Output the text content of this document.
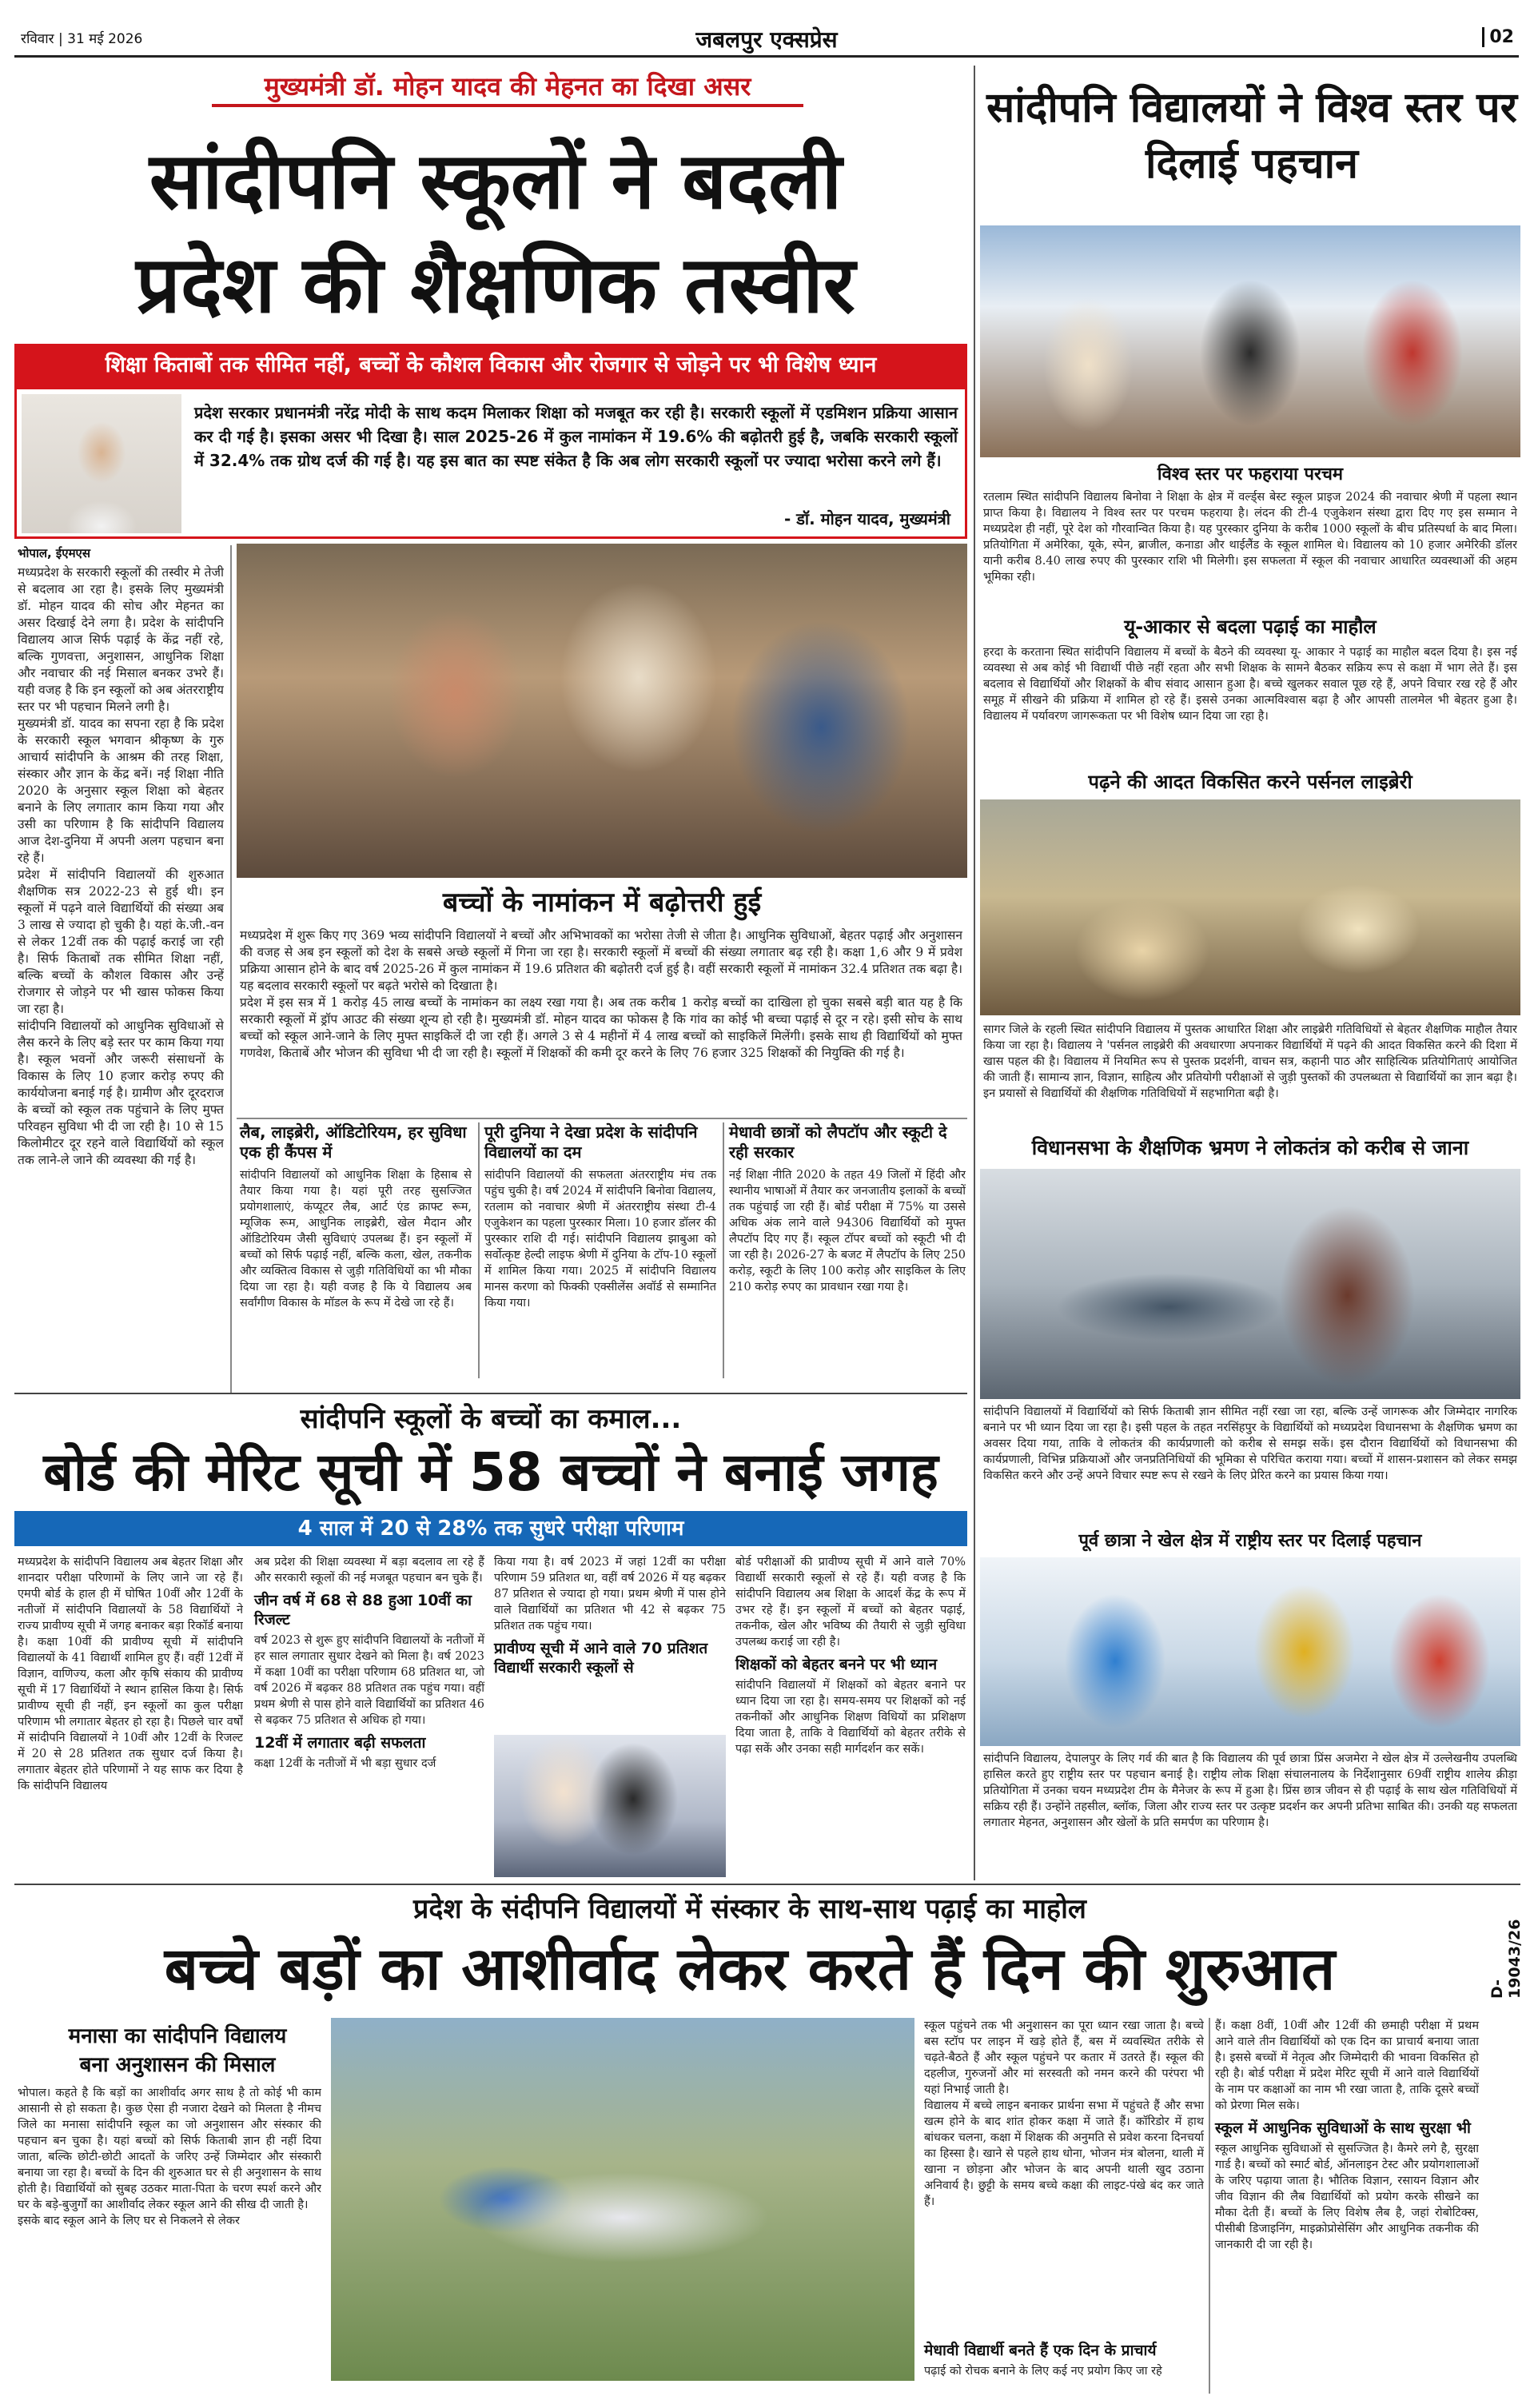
रविवार | 31 मई 2026	जबलपुर एक्सप्रेस	02
मुख्यमंत्री डॉ. मोहन यादव की मेहनत का दिखा असर
सांदीपनि स्कूलों ने बदली
प्रदेश की शैक्षणिक तस्वीर
शिक्षा किताबों तक सीमित नहीं, बच्चों के कौशल विकास और रोजगार से जोड़ने पर भी विशेष ध्यान
प्रदेश सरकार प्रधानमंत्री नरेंद्र मोदी के साथ कदम मिलाकर शिक्षा को मजबूत कर रही है। सरकारी स्कूलों में एडमिशन प्रक्रिया आसान कर दी गई है। इसका असर भी दिखा है। साल 2025-26 में कुल नामांकन में 19.6% की बढ़ोतरी हुई है, जबकि सरकारी स्कूलों में 32.4% तक ग्रोथ दर्ज की गई है। यह इस बात का स्पष्ट संकेत है कि अब लोग सरकारी स्कूलों पर ज्यादा भरोसा करने लगे हैं।
- डॉ. मोहन यादव, मुख्यमंत्री
भोपाल, ईएमएस
मध्यप्रदेश के सरकारी स्कूलों की तस्वीर मे तेजी से बदलाव आ रहा है। इसके लिए मुख्यमंत्री डॉ. मोहन यादव की सोच और मेहनत का असर दिखाई देने लगा है। प्रदेश के सांदीपनि विद्यालय आज सिर्फ पढ़ाई के केंद्र नहीं रहे, बल्कि गुणवत्ता, अनुशासन, आधुनिक शिक्षा और नवाचार की नई मिसाल बनकर उभरे हैं। यही वजह है कि इन स्कूलों को अब अंतरराष्ट्रीय स्तर पर भी पहचान मिलने लगी है।
मुख्यमंत्री डॉ. यादव का सपना रहा है कि प्रदेश के सरकारी स्कूल भगवान श्रीकृष्ण के गुरु आचार्य सांदीपनि के आश्रम की तरह शिक्षा, संस्कार और ज्ञान के केंद्र बनें। नई शिक्षा नीति 2020 के अनुसार स्कूल शिक्षा को बेहतर बनाने के लिए लगातार काम किया गया और उसी का परिणाम है कि सांदीपनि विद्यालय आज देश-दुनिया में अपनी अलग पहचान बना रहे हैं।
प्रदेश में सांदीपनि विद्यालयों की शुरुआत शैक्षणिक सत्र 2022-23 से हुई थी। इन स्कूलों में पढ़ने वाले विद्यार्थियों की संख्या अब 3 लाख से ज्यादा हो चुकी है। यहां के.जी.-वन से लेकर 12वीं तक की पढ़ाई कराई जा रही है। सिर्फ किताबों तक सीमित शिक्षा नहीं, बल्कि बच्चों के कौशल विकास और उन्हें रोजगार से जोड़ने पर भी खास फोकस किया जा रहा है।
सांदीपनि विद्यालयों को आधुनिक सुविधाओं से लैस करने के लिए बड़े स्तर पर काम किया गया है। स्कूल भवनों और जरूरी संसाधनों के विकास के लिए 10 हजार करोड़ रुपए की कार्ययोजना बनाई गई है। ग्रामीण और दूरदराज के बच्चों को स्कूल तक पहुंचाने के लिए मुफ्त परिवहन सुविधा भी दी जा रही है। 10 से 15 किलोमीटर दूर रहने वाले विद्यार्थियों को स्कूल तक लाने-ले जाने की व्यवस्था की गई है।
बच्चों के नामांकन में बढ़ोत्तरी हुई
मध्यप्रदेश में शुरू किए गए 369 भव्य सांदीपनि विद्यालयों ने बच्चों और अभिभावकों का भरोसा तेजी से जीता है। आधुनिक सुविधाओं, बेहतर पढ़ाई और अनुशासन की वजह से अब इन स्कूलों को देश के सबसे अच्छे स्कूलों में गिना जा रहा है। सरकारी स्कूलों में बच्चों की संख्या लगातार बढ़ रही है। कक्षा 1,6 और 9 में प्रवेश प्रक्रिया आसान होने के बाद वर्ष 2025-26 में कुल नामांकन में 19.6 प्रतिशत की बढ़ोतरी दर्ज हुई है। वहीं सरकारी स्कूलों में नामांकन 32.4 प्रतिशत तक बढ़ा है। यह बदलाव सरकारी स्कूलों पर बढ़ते भरोसे को दिखाता है।
प्रदेश में इस सत्र में 1 करोड़ 45 लाख बच्चों के नामांकन का लक्ष्य रखा गया है। अब तक करीब 1 करोड़ बच्चों का दाखिला हो चुका सबसे बड़ी बात यह है कि सरकारी स्कूलों में ड्रॉप आउट की संख्या शून्य हो रही है। मुख्यमंत्री डॉ. मोहन यादव का फोकस है कि गांव का कोई भी बच्चा पढ़ाई से दूर न रहे। इसी सोच के साथ बच्चों को स्कूल आने-जाने के लिए मुफ्त साइकिलें दी जा रही हैं। अगले 3 से 4 महीनों में 4 लाख बच्चों को साइकिलें मिलेंगी। इसके साथ ही विद्यार्थियों को मुफ्त गणवेश, किताबें और भोजन की सुविधा भी दी जा रही है। स्कूलों में शिक्षकों की कमी दूर करने के लिए 76 हजार 325 शिक्षकों की नियुक्ति की गई है।
लैब, लाइब्रेरी, ऑडिटोरियम, हर सुविधा एक ही कैंपस में
सांदीपनि विद्यालयों को आधुनिक शिक्षा के हिसाब से तैयार किया गया है। यहां पूरी तरह सुसज्जित प्रयोगशालाएं, कंप्यूटर लैब, आर्ट एंड क्राफ्ट रूम, म्यूजिक रूम, आधुनिक लाइब्रेरी, खेल मैदान और ऑडिटोरियम जैसी सुविधाएं उपलब्ध हैं। इन स्कूलों में बच्चों को सिर्फ पढ़ाई नहीं, बल्कि कला, खेल, तकनीक और व्यक्तित्व विकास से जुड़ी गतिविधियों का भी मौका दिया जा रहा है। यही वजह है कि ये विद्यालय अब सर्वांगीण विकास के मॉडल के रूप में देखे जा रहे हैं।
पूरी दुनिया ने देखा प्रदेश के सांदीपनि विद्यालयों का दम
सांदीपनि विद्यालयों की सफलता अंतरराष्ट्रीय मंच तक पहुंच चुकी है। वर्ष 2024 में सांदीपनि बिनोवा विद्यालय, रतलाम को नवाचार श्रेणी में अंतरराष्ट्रीय संस्था टी-4 एजुकेशन का पहला पुरस्कार मिला। 10 हजार डॉलर की पुरस्कार राशि दी गई। सांदीपनि विद्यालय झाबुआ को सर्वोत्कृष्ट हेल्दी लाइफ श्रेणी में दुनिया के टॉप-10 स्कूलों में शामिल किया गया। 2025 में सांदीपनि विद्यालय मानस करणा को फिक्की एक्सीलेंस अवॉर्ड से सम्मानित किया गया।
मेधावी छात्रों को लैपटॉप और स्कूटी दे रही सरकार
नई शिक्षा नीति 2020 के तहत 49 जिलों में हिंदी और स्थानीय भाषाओं में तैयार कर जनजातीय इलाकों के बच्चों तक पहुंचाई जा रही हैं। बोर्ड परीक्षा में 75% या उससे अधिक अंक लाने वाले 94306 विद्यार्थियों को मुफ्त लैपटॉप दिए गए हैं। स्कूल टॉपर बच्चों को स्कूटी भी दी जा रही है। 2026-27 के बजट में लैपटॉप के लिए 250 करोड़, स्कूटी के लिए 100 करोड़ और साइकिल के लिए 210 करोड़ रुपए का प्रावधान रखा गया है।
सांदीपनि विद्यालयों ने विश्व स्तर पर दिलाई पहचान
विश्व स्तर पर फहराया परचम
रतलाम स्थित सांदीपनि विद्यालय बिनोवा ने शिक्षा के क्षेत्र में वर्ल्ड्स बेस्ट स्कूल प्राइज 2024 की नवाचार श्रेणी में पहला स्थान प्राप्त किया है। विद्यालय ने विश्व स्तर पर परचम फहराया है। लंदन की टी-4 एजुकेशन संस्था द्वारा दिए गए इस सम्मान ने मध्यप्रदेश ही नहीं, पूरे देश को गौरवान्वित किया है। यह पुरस्कार दुनिया के करीब 1000 स्कूलों के बीच प्रतिस्पर्धा के बाद मिला। प्रतियोगिता में अमेरिका, यूके, स्पेन, ब्राजील, कनाडा और थाईलैंड के स्कूल शामिल थे। विद्यालय को 10 हजार अमेरिकी डॉलर यानी करीब 8.40 लाख रुपए की पुरस्कार राशि भी मिलेगी। इस सफलता में स्कूल की नवाचार आधारित व्यवस्थाओं की अहम भूमिका रही।
यू-आकार से बदला पढ़ाई का माहौल
हरदा के करताना स्थित सांदीपनि विद्यालय में बच्चों के बैठने की व्यवस्था यू- आकार ने पढ़ाई का माहौल बदल दिया है। इस नई व्यवस्था से अब कोई भी विद्यार्थी पीछे नहीं रहता और सभी शिक्षक के सामने बैठकर सक्रिय रूप से कक्षा में भाग लेते हैं। इस बदलाव से विद्यार्थियों और शिक्षकों के बीच संवाद आसान हुआ है। बच्चे खुलकर सवाल पूछ रहे हैं, अपने विचार रख रहे हैं और समूह में सीखने की प्रक्रिया में शामिल हो रहे हैं। इससे उनका आत्मविश्वास बढ़ा है और आपसी तालमेल भी बेहतर हुआ है। विद्यालय में पर्यावरण जागरूकता पर भी विशेष ध्यान दिया जा रहा है।
पढ़ने की आदत विकसित करने पर्सनल लाइब्रेरी
सागर जिले के रहली स्थित सांदीपनि विद्यालय में पुस्तक आधारित शिक्षा और लाइब्रेरी गतिविधियों से बेहतर शैक्षणिक माहौल तैयार किया जा रहा है। विद्यालय ने 'पर्सनल लाइब्रेरी की अवधारणा अपनाकर विद्यार्थियों में पढ़ने की आदत विकसित करने की दिशा में खास पहल की है। विद्यालय में नियमित रूप से पुस्तक प्रदर्शनी, वाचन सत्र, कहानी पाठ और साहित्यिक प्रतियोगिताएं आयोजित की जाती हैं। सामान्य ज्ञान, विज्ञान, साहित्य और प्रतियोगी परीक्षाओं से जुड़ी पुस्तकों की उपलब्धता से विद्यार्थियों का ज्ञान बढ़ा है। इन प्रयासों से विद्यार्थियों की शैक्षणिक गतिविधियों में सहभागिता बढ़ी है।
विधानसभा के शैक्षणिक भ्रमण ने लोकतंत्र को करीब से जाना
सांदीपनि विद्यालयों में विद्यार्थियों को सिर्फ किताबी ज्ञान सीमित नहीं रखा जा रहा, बल्कि उन्हें जागरूक और जिम्मेदार नागरिक बनाने पर भी ध्यान दिया जा रहा है। इसी पहल के तहत नरसिंहपुर के विद्यार्थियों को मध्यप्रदेश विधानसभा के शैक्षणिक भ्रमण का अवसर दिया गया, ताकि वे लोकतंत्र की कार्यप्रणाली को करीब से समझ सकें। इस दौरान विद्यार्थियों को विधानसभा की कार्यप्रणाली, विभिन्न प्रक्रियाओं और जनप्रतिनिधियों की भूमिका से परिचित कराया गया। बच्चों में शासन-प्रशासन को लेकर समझ विकसित करने और उन्हें अपने विचार स्पष्ट रूप से रखने के लिए प्रेरित करने का प्रयास किया गया।
पूर्व छात्रा ने खेल क्षेत्र में राष्ट्रीय स्तर पर दिलाई पहचान
सांदीपनि विद्यालय, देपालपुर के लिए गर्व की बात है कि विद्यालय की पूर्व छात्रा प्रिंस अजमेरा ने खेल क्षेत्र में उल्लेखनीय उपलब्धि हासिल करते हुए राष्ट्रीय स्तर पर पहचान बनाई है। राष्ट्रीय लोक शिक्षा संचालनालय के निर्देशानुसार 69वीं राष्ट्रीय शालेय क्रीड़ा प्रतियोगिता में उनका चयन मध्यप्रदेश टीम के मैनेजर के रूप में हुआ है। प्रिंस छात्र जीवन से ही पढ़ाई के साथ खेल गतिविधियों में सक्रिय रही हैं। उन्होंने तहसील, ब्लॉक, जिला और राज्य स्तर पर उत्कृष्ट प्रदर्शन कर अपनी प्रतिभा साबित की। उनकी यह सफलता लगातार मेहनत, अनुशासन और खेलों के प्रति समर्पण का परिणाम है।
सांदीपनि स्कूलों के बच्चों का कमाल...
बोर्ड की मेरिट सूची में 58 बच्चों ने बनाई जगह
4 साल में 20 से 28% तक सुधरे परीक्षा परिणाम
मध्यप्रदेश के सांदीपनि विद्यालय अब बेहतर शिक्षा और शानदार परीक्षा परिणामों के लिए जाने जा रहे हैं। एमपी बोर्ड के हाल ही में घोषित 10वीं और 12वीं के नतीजों में सांदीपनि विद्यालयों के 58 विद्यार्थियों ने राज्य प्रावीण्य सूची में जगह बनाकर बड़ा रिकॉर्ड बनाया है। कक्षा 10वीं की प्रावीण्य सूची में सांदीपनि विद्यालयों के 41 विद्यार्थी शामिल हुए हैं। वहीं 12वीं में विज्ञान, वाणिज्य, कला और कृषि संकाय की प्रावीण्य सूची में 17 विद्यार्थियों ने स्थान हासिल किया है। सिर्फ प्रावीण्य सूची ही नहीं, इन स्कूलों का कुल परीक्षा परिणाम भी लगातार बेहतर हो रहा है। पिछले चार वर्षों में सांदीपनि विद्यालयों ने 10वीं और 12वीं के रिजल्ट में 20 से 28 प्रतिशत तक सुधार दर्ज किया है। लगातार बेहतर होते परिणामों ने यह साफ कर दिया है कि सांदीपनि विद्यालय
अब प्रदेश की शिक्षा व्यवस्था में बड़ा बदलाव ला रहे हैं और सरकारी स्कूलों की नई मजबूत पहचान बन चुके हैं।
जीन वर्ष में 68 से 88 हुआ 10वीं का रिजल्ट
वर्ष 2023 से शुरू हुए सांदीपनि विद्यालयों के नतीजों में हर साल लगातार सुधार देखने को मिला है। वर्ष 2023 में कक्षा 10वीं का परीक्षा परिणाम 68 प्रतिशत था, जो वर्ष 2026 में बढ़कर 88 प्रतिशत तक पहुंच गया। वहीं प्रथम श्रेणी से पास होने वाले विद्यार्थियों का प्रतिशत 46 से बढ़कर 75 प्रतिशत से अधिक हो गया।
12वीं में लगातार बढ़ी सफलता
कक्षा 12वीं के नतीजों में भी बड़ा सुधार दर्ज
किया गया है। वर्ष 2023 में जहां 12वीं का परीक्षा परिणाम 59 प्रतिशत था, वहीं वर्ष 2026 में यह बढ़कर 87 प्रतिशत से ज्यादा हो गया। प्रथम श्रेणी में पास होने वाले विद्यार्थियों का प्रतिशत भी 42 से बढ़कर 75 प्रतिशत तक पहुंच गया।
प्रावीण्य सूची में आने वाले 70 प्रतिशत विद्यार्थी सरकारी स्कूलों से
बोर्ड परीक्षाओं की प्रावीण्य सूची में आने वाले 70% विद्यार्थी सरकारी स्कूलों से रहे हैं। यही वजह है कि सांदीपनि विद्यालय अब शिक्षा के आदर्श केंद्र के रूप में उभर रहे हैं। इन स्कूलों में बच्चों को बेहतर पढ़ाई, तकनीक, खेल और भविष्य की तैयारी से जुड़ी सुविधा उपलब्ध कराई जा रही है।
शिक्षकों को बेहतर बनने पर भी ध्यान
सांदीपनि विद्यालयों में शिक्षकों को बेहतर बनाने पर ध्यान दिया जा रहा है। समय-समय पर शिक्षकों को नई तकनीकों और आधुनिक शिक्षण विधियों का प्रशिक्षण दिया जाता है, ताकि वे विद्यार्थियों को बेहतर तरीके से पढ़ा सकें और उनका सही मार्गदर्शन कर सकें।
D-19043/26
प्रदेश के संदीपनि विद्यालयों में संस्कार के साथ-साथ पढ़ाई का माहोल
बच्चे बड़ों का आशीर्वाद लेकर करते हैं दिन की शुरुआत
मनासा का सांदीपनि विद्यालय
बना अनुशासन की मिसाल
भोपाल। कहते है कि बड़ों का आशीर्वाद अगर साथ है तो कोई भी काम आसानी से हो सकता है। कुछ ऐसा ही नजारा देखने को मिलता है नीमच जिले का मनासा सांदीपनि स्कूल का जो अनुशासन और संस्कार की पहचान बन चुका है। यहां बच्चों को सिर्फ किताबी ज्ञान ही नहीं दिया जाता, बल्कि छोटी-छोटी आदतों के जरिए उन्हें जिम्मेदार और संस्कारी बनाया जा रहा है। बच्चों के दिन की शुरुआत घर से ही अनुशासन के साथ होती है। विद्यार्थियों को सुबह उठकर माता-पिता के चरण स्पर्श करने और घर के बड़े-बुजुर्गों का आशीर्वाद लेकर स्कूल आने की सीख दी जाती है।
इसके बाद स्कूल आने के लिए घर से निकलने से लेकर
स्कूल पहुंचने तक भी अनुशासन का पूरा ध्यान रखा जाता है। बच्चे बस स्टॉप पर लाइन में खड़े होते हैं, बस में व्यवस्थित तरीके से चढ़ते-बैठते हैं और स्कूल पहुंचने पर कतार में उतरते हैं। स्कूल की दहलीज, गुरुजनों और मां सरस्वती को नमन करने की परंपरा भी यहां निभाई जाती है।
विद्यालय में बच्चे लाइन बनाकर प्रार्थना सभा में पहुंचते हैं और सभा खत्म होने के बाद शांत होकर कक्षा में जाते हैं। कॉरिडोर में हाथ बांधकर चलना, कक्षा में शिक्षक की अनुमति से प्रवेश करना दिनचर्या का हिस्सा है। खाने से पहले हाथ धोना, भोजन मंत्र बोलना, थाली में खाना न छोड़ना और भोजन के बाद अपनी थाली खुद उठाना अनिवार्य है। छुट्टी के समय बच्चे कक्षा की लाइट-पंखे बंद कर जाते हैं।
मेधावी विद्यार्थी बनते हैं एक दिन के प्राचार्य
पढ़ाई को रोचक बनाने के लिए कई नए प्रयोग किए जा रहे
हैं। कक्षा 8वीं, 10वीं और 12वीं की छमाही परीक्षा में प्रथम आने वाले तीन विद्यार्थियों को एक दिन का प्राचार्य बनाया जाता है। इससे बच्चों में नेतृत्व और जिम्मेदारी की भावना विकसित हो रही है। बोर्ड परीक्षा में प्रदेश मेरिट सूची में आने वाले विद्यार्थियों के नाम पर कक्षाओं का नाम भी रखा जाता है, ताकि दूसरे बच्चों को प्रेरणा मिल सके।
स्कूल में आधुनिक सुविधाओं के साथ सुरक्षा भी
स्कूल आधुनिक सुविधाओं से सुसज्जित है। कैमरे लगे है, सुरक्षा गार्ड है। बच्चों को स्मार्ट बोर्ड, ऑनलाइन टेस्ट और प्रयोगशालाओं के जरिए पढ़ाया जाता है। भौतिक विज्ञान, रसायन विज्ञान और जीव विज्ञान की लैब विद्यार्थियों को प्रयोग करके सीखने का मौका देती हैं। बच्चों के लिए विशेष लैब है, जहां रोबोटिक्स, पीसीबी डिजाइनिंग, माइक्रोप्रोसेसिंग और आधुनिक तकनीक की जानकारी दी जा रही है।
